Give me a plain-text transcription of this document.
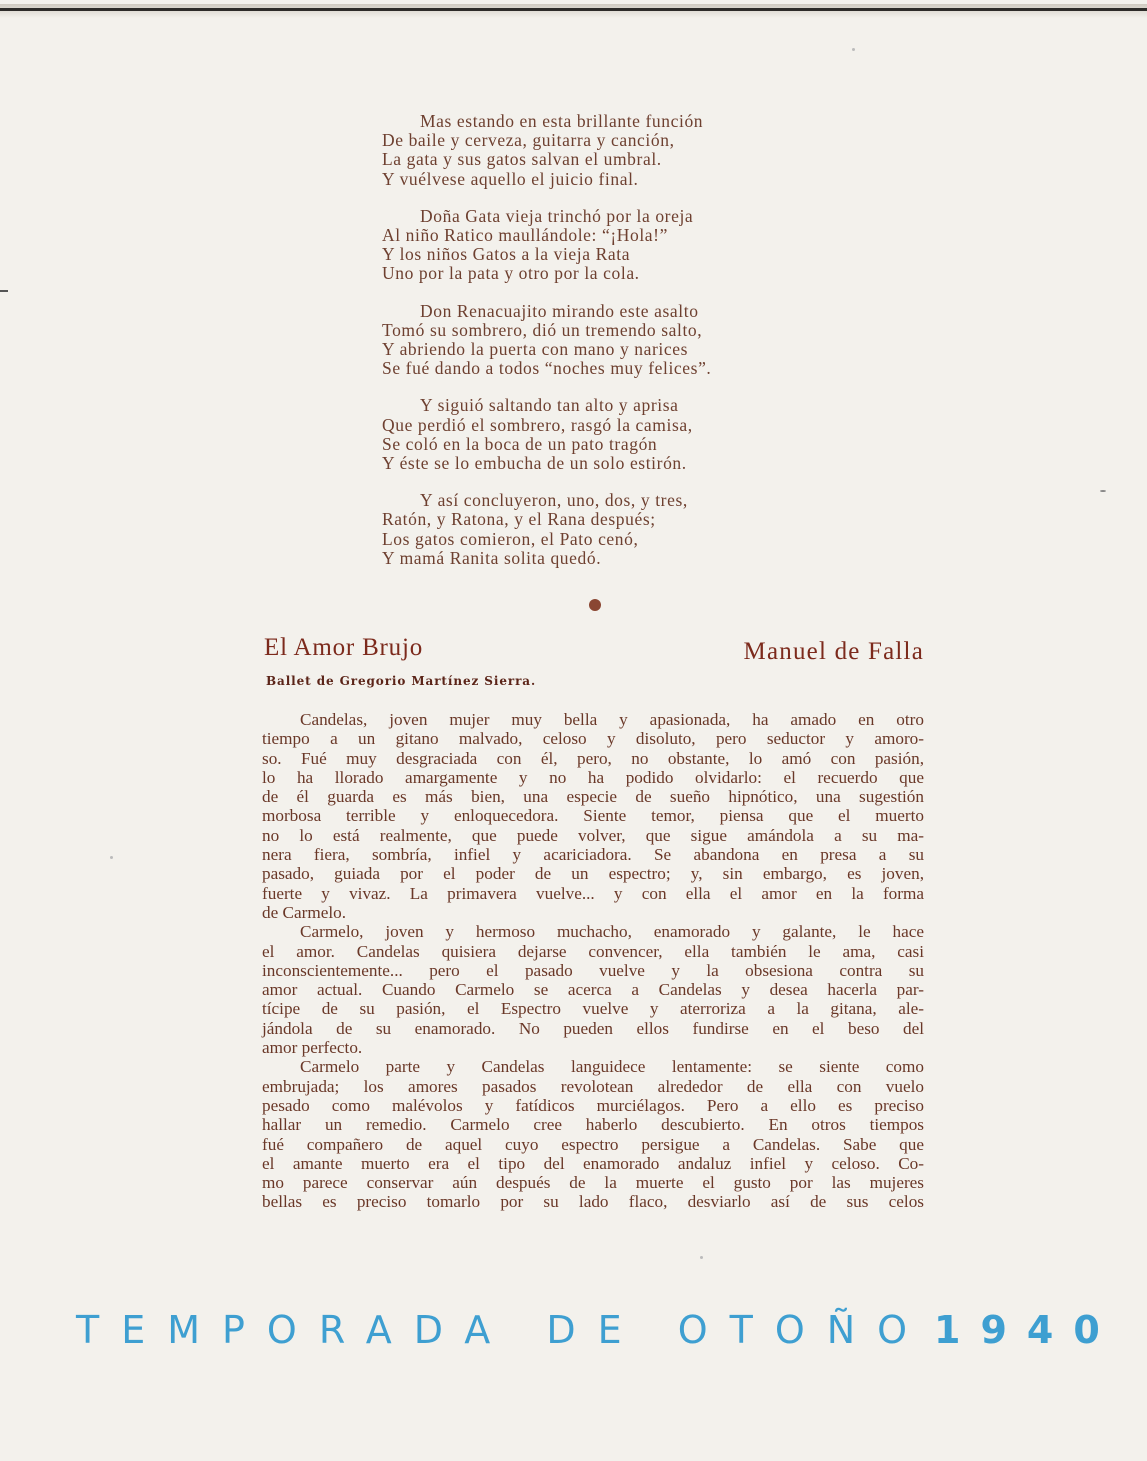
Mas estando en esta brillante función
De baile y cerveza, guitarra y canción,
La gata y sus gatos salvan el umbral.
Y vuélvese aquello el juicio final.
Doña Gata vieja trinchó por la oreja
Al niño Ratico maullándole: “¡Hola!”
Y los niños Gatos a la vieja Rata
Uno por la pata y otro por la cola.
Don Renacuajito mirando este asalto
Tomó su sombrero, dió un tremendo salto,
Y abriendo la puerta con mano y narices
Se fué dando a todos “noches muy felices”.
Y siguió saltando tan alto y aprisa
Que perdió el sombrero, rasgó la camisa,
Se coló en la boca de un pato tragón
Y éste se lo embucha de un solo estirón.
Y así concluyeron, uno, dos, y tres,
Ratón, y Ratona, y el Rana después;
Los gatos comieron, el Pato cenó,
Y mamá Ranita solita quedó.
El Amor Brujo	Manuel de Falla
Ballet de Gregorio Martínez Sierra.
Candelas, joven mujer muy bella y apasionada, ha amado en otro
tiempo a un gitano malvado, celoso y disoluto, pero seductor y amoro-
so. Fué muy desgraciada con él, pero, no obstante, lo amó con pasión,
lo ha llorado amargamente y no ha podido olvidarlo: el recuerdo que
de él guarda es más bien, una especie de sueño hipnótico, una sugestión
morbosa terrible y enloquecedora. Siente temor, piensa que el muerto
no lo está realmente, que puede volver, que sigue amándola a su ma-
nera fiera, sombría, infiel y acariciadora. Se abandona en presa a su
pasado, guiada por el poder de un espectro; y, sin embargo, es joven,
fuerte y vivaz. La primavera vuelve... y con ella el amor en la forma
de Carmelo.
Carmelo, joven y hermoso muchacho, enamorado y galante, le hace
el amor. Candelas quisiera dejarse convencer, ella también le ama, casi
inconscientemente... pero el pasado vuelve y la obsesiona contra su
amor actual. Cuando Carmelo se acerca a Candelas y desea hacerla par-
tícipe de su pasión, el Espectro vuelve y aterroriza a la gitana, ale-
jándola de su enamorado. No pueden ellos fundirse en el beso del
amor perfecto.
Carmelo parte y Candelas languidece lentamente: se siente como
embrujada; los amores pasados revolotean alrededor de ella con vuelo
pesado como malévolos y fatídicos murciélagos. Pero a ello es preciso
hallar un remedio. Carmelo cree haberlo descubierto. En otros tiempos
fué compañero de aquel cuyo espectro persigue a Candelas. Sabe que
el amante muerto era el tipo del enamorado andaluz infiel y celoso. Co-
mo parece conservar aún después de la muerte el gusto por las mujeres
bellas es preciso tomarlo por su lado flaco, desviarlo así de sus celos
TEMPORADA DE OTOÑO 1940
